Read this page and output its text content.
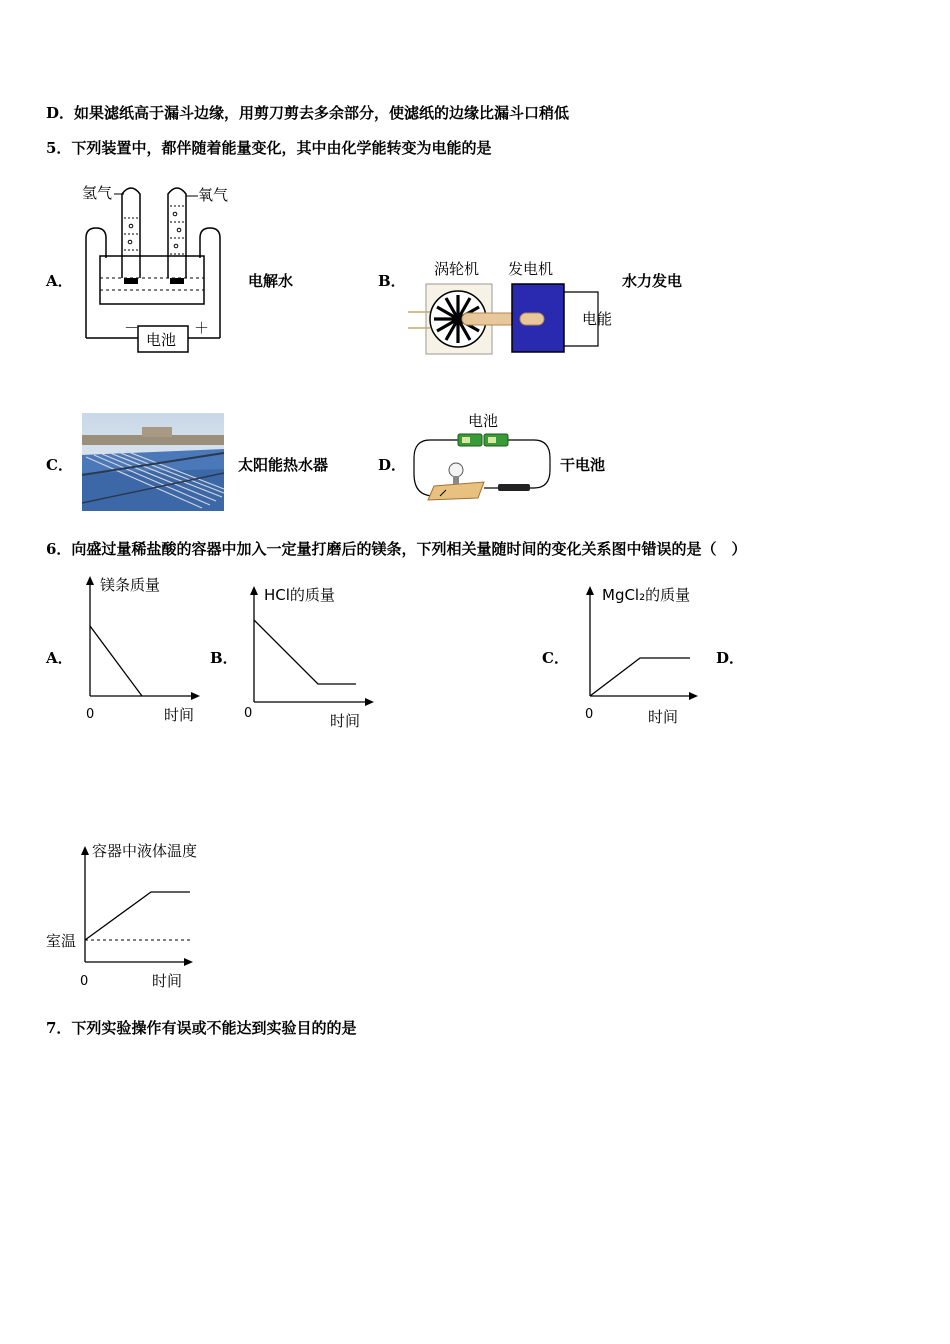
D．如果滤纸高于漏斗边缘，用剪刀剪去多余部分，使滤纸的边缘比漏斗口稍低
5．下列装置中，都伴随着能量变化，其中由化学能转变为电能的是
A．
电池
－	＋
氢气	氧气
电解水	B．
涡轮机 发电机
电能
水力发电
C．	太阳能热水器	D．
电池
干电池
6．向盛过量稀盐酸的容器中加入一定量打磨后的镁条，下列相关量随时间的变化关系图中错误的是（　）
A．
镁条质量
0	时间
B．
HCl的质量
0	时间
C．
MgCl₂的质量
0	时间
D．
容器中液体温度
室温
0	时间
7．下列实验操作有误或不能达到实验目的的是
